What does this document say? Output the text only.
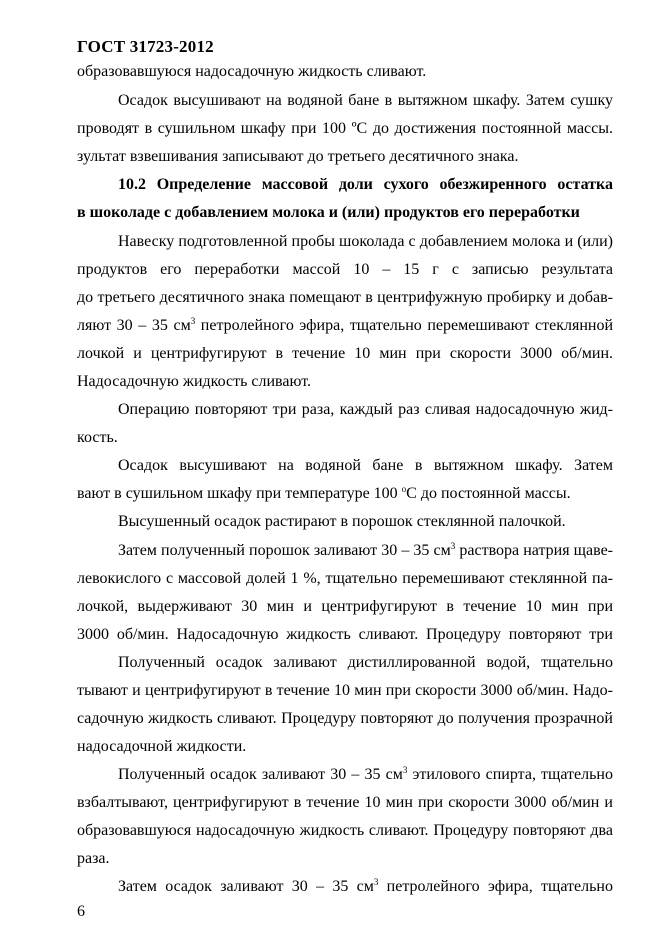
ГОСТ 31723-2012
образовавшуюся надосадочную жидкость сливают.
Осадок высушивают на водяной бане в вытяжном шкафу. Затем сушку
проводят в сушильном шкафу при 100 ºС до достижения постоянной массы.
зультат взвешивания записывают до третьего десятичного знака.
10.2 Определение массовой доли сухого обезжиренного остатка
в шоколаде с добавлением молока и (или) продуктов его переработки
Навеску подготовленной пробы шоколада с добавлением молока и (или)
продуктов его переработки массой 10 – 15 г с записью результата
до третьего десятичного знака помещают в центрифужную пробирку и добав-
ляют 30 – 35 $см^3$ петролейного эфира, тщательно перемешивают стеклянной
лочкой и центрифугируют в течение 10 мин при скорости 3000 об/мин.
Надосадочную жидкость сливают.
Операцию повторяют три раза, каждый раз сливая надосадочную жид-
кость.
Осадок высушивают на водяной бане в вытяжном шкафу. Затем
вают в сушильном шкафу при температуре 100 $^о$С до постоянной массы.
Высушенный осадок растирают в порошок стеклянной палочкой.
Затем полученный порошок заливают 30 – 35 $см^3$ раствора натрия щаве-
левокислого с массовой долей 1 %, тщательно перемешивают стеклянной па-
лочкой, выдерживают 30 мин и центрифугируют в течение 10 мин при
3000 об/мин. Надосадочную жидкость сливают. Процедуру повторяют три
Полученный осадок заливают дистиллированной водой, тщательно
тывают и центрифугируют в течение 10 мин при скорости 3000 об/мин. Надо-
садочную жидкость сливают. Процедуру повторяют до получения прозрачной
надосадочной жидкости.
Полученный осадок заливают 30 – 35 $см^3$ этилового спирта, тщательно
взбалтывают, центрифугируют в течение 10 мин при скорости 3000 об/мин и
образовавшуюся надосадочную жидкость сливают. Процедуру повторяют два
раза.
Затем осадок заливают 30 – 35 $см^3$ петролейного эфира, тщательно
6
